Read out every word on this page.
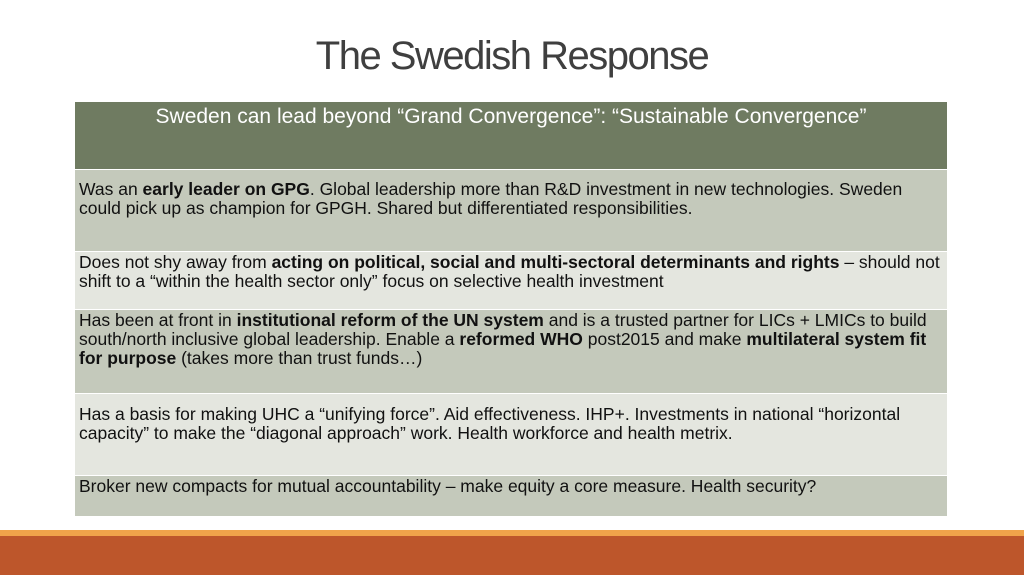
The Swedish Response
Sweden can lead beyond “Grand Convergence”: “Sustainable Convergence”
Was an early leader on GPG. Global leadership more than R&D investment in new technologies. Sweden could pick up as champion for GPGH. Shared but differentiated responsibilities.
Does not shy away from acting on political, social and multi-sectoral determinants and rights – should not shift to a “within the health sector only” focus on selective health investment
Has been at front in institutional reform of the UN system and is a trusted partner for LICs + LMICs to build south/north inclusive global leadership. Enable a reformed WHO post2015 and make multilateral system fit for purpose (takes more than trust funds…)
Has a basis for making UHC a “unifying force”. Aid effectiveness. IHP+. Investments in national “horizontal capacity” to make the “diagonal approach” work. Health workforce and health metrix.
Broker new compacts for mutual accountability – make equity a core measure. Health security?
